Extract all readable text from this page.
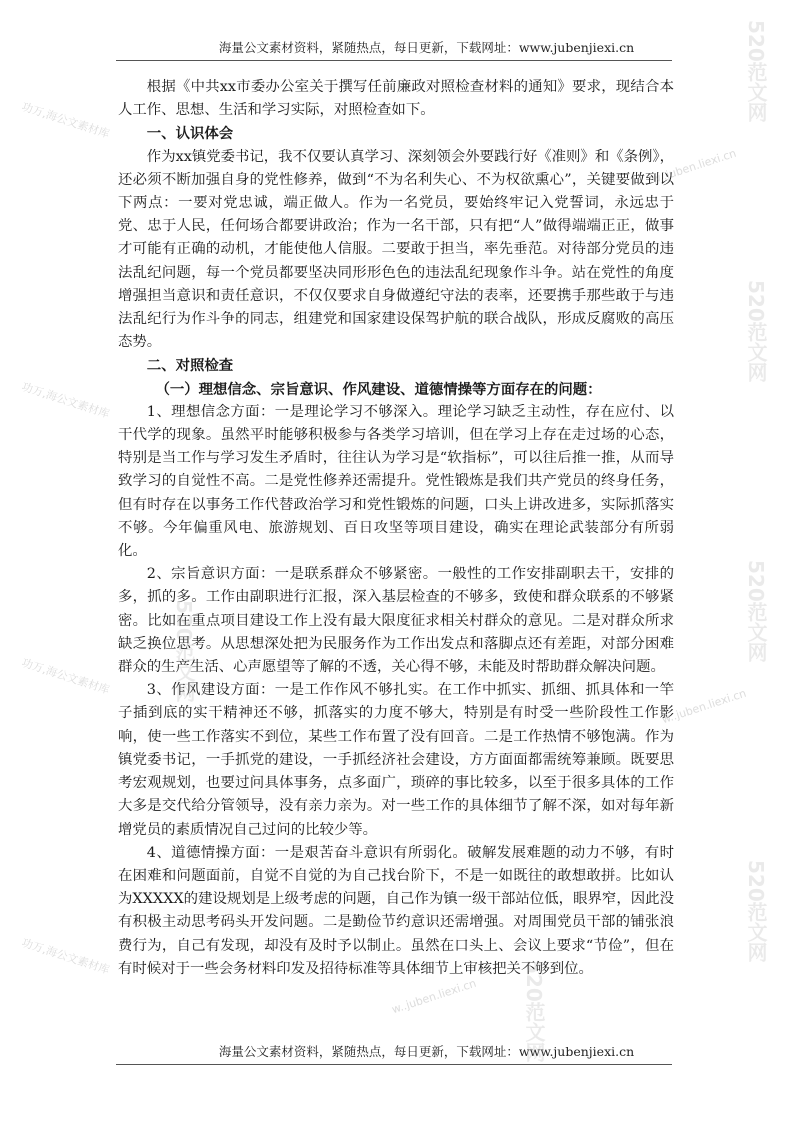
海量公文素材资料，紧随热点，每日更新，下载网址：www.jubenjiexi.cn

根据《中共xx市委办公室关于撰写任前廉政对照检查材料的通知》要求，现结合本人工作、思想、生活和学习实际，对照检查如下。

一、认识体会

作为xx镇党委书记，我不仅要认真学习、深刻领会外要践行好《准则》和《条例》，还必须不断加强自身的党性修养，做到“不为名利失心、不为权欲熏心”，关键要做到以下两点：一要对党忠诚，端正做人。作为一名党员，要始终牢记入党誓词，永远忠于党、忠于人民，任何场合都要讲政治；作为一名干部，只有把“人”做得端端正正，做事才可能有正确的动机，才能使他人信服。二要敢于担当，率先垂范。对待部分党员的违法乱纪问题，每一个党员都要坚决同形形色色的违法乱纪现象作斗争。站在党性的角度增强担当意识和责任意识，不仅仅要求自身做遵纪守法的表率，还要携手那些敢于与违法乱纪行为作斗争的同志，组建党和国家建设保驾护航的联合战队，形成反腐败的高压态势。

二、对照检查
（一）理想信念、宗旨意识、作风建设、道德情操等方面存在的问题：

1、理想信念方面：一是理论学习不够深入。理论学习缺乏主动性，存在应付、以干代学的现象。虽然平时能够积极参与各类学习培训，但在学习上存在走过场的心态，特别是当工作与学习发生矛盾时，往往认为学习是“软指标”，可以往后推一推，从而导致学习的自觉性不高。二是党性修养还需提升。党性锻炼是我们共产党员的终身任务，但有时存在以事务工作代替政治学习和党性锻炼的问题，口头上讲改进多，实际抓落实不够。今年偏重风电、旅游规划、百日攻坚等项目建设，确实在理论武装部分有所弱化。

2、宗旨意识方面：一是联系群众不够紧密。一般性的工作安排副职去干，安排的多，抓的多。工作由副职进行汇报，深入基层检查的不够多，致使和群众联系的不够紧密。比如在重点项目建设工作上没有最大限度征求相关村群众的意见。二是对群众所求缺乏换位思考。从思想深处把为民服务作为工作出发点和落脚点还有差距，对部分困难群众的生产生活、心声愿望等了解的不透，关心得不够，未能及时帮助群众解决问题。

3、作风建设方面：一是工作作风不够扎实。在工作中抓实、抓细、抓具体和一竿子插到底的实干精神还不够，抓落实的力度不够大，特别是有时受一些阶段性工作影响，使一些工作落实不到位，某些工作布置了没有回音。二是工作热情不够饱满。作为镇党委书记，一手抓党的建设，一手抓经济社会建设，方方面面都需统筹兼顾。既要思考宏观规划，也要过问具体事务，点多面广，琐碎的事比较多，以至于很多具体的工作大多是交代给分管领导，没有亲力亲为。对一些工作的具体细节了解不深，如对每年新增党员的素质情况自己过问的比较少等。

4、道德情操方面：一是艰苦奋斗意识有所弱化。破解发展难题的动力不够，有时在困难和问题面前，自觉不自觉的为自己找台阶下，不是一如既往的敢想敢拼。比如认为XXXXX的建设规划是上级考虑的问题，自己作为镇一级干部站位低，眼界窄，因此没有积极主动思考码头开发问题。二是勤俭节约意识还需增强。对周围党员干部的铺张浪费行为，自己有发现，却没有及时予以制止。虽然在口头上、会议上要求“节俭”，但在有时候对于一些会务材料印发及招待标准等具体细节上审核把关不够到位。

海量公文素材资料，紧随热点，每日更新，下载网址：www.jubenjiexi.cn
520范文网
520范文网
520范文网
520范文网
520范文网
520范文网
功万,海公文素材库
功万,海公文素材库
功万,海公文素材库
功万,海公文素材库
w..juben.liexi.cn
w..juben.liexi.cn
w..juben.liexi.cn
